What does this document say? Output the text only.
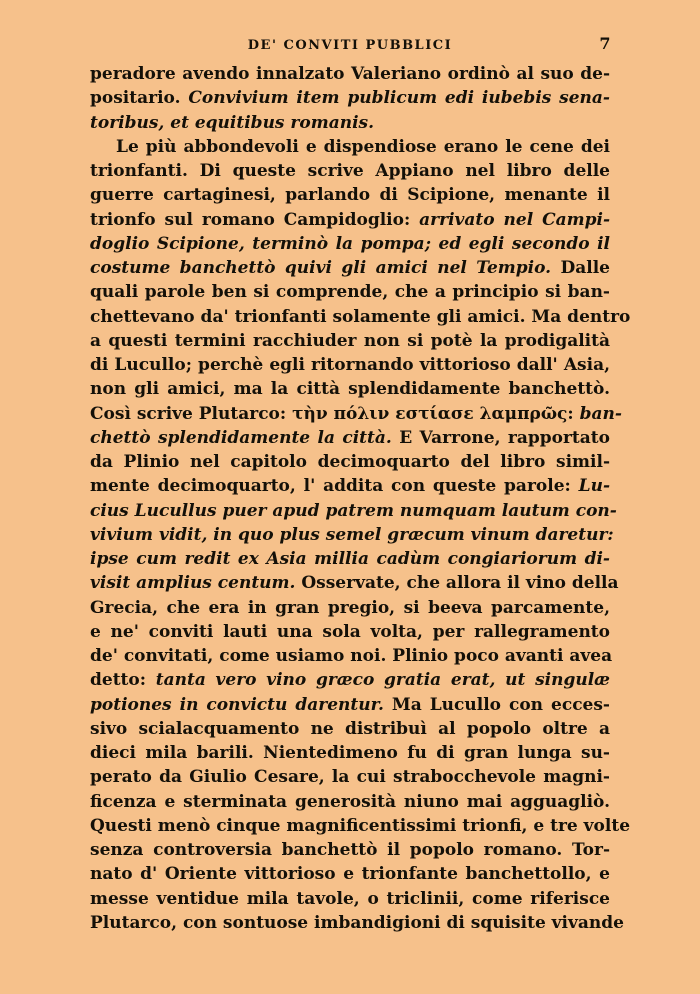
DE' CONVITI PUBBLICI	7
peradore avendo innalzato Valeriano ordinò al suo de-
positario. Convivium item publicum edi iubebis sena-
toribus, et equitibus romanis.
Le più abbondevoli e dispendiose erano le cene dei
trionfanti. Di queste scrive Appiano nel libro delle
guerre cartaginesi, parlando di Scipione, menante il
trionfo sul romano Campidoglio: arrivato nel Campi-
doglio Scipione, terminò la pompa; ed egli secondo il
costume banchettò quivi gli amici nel Tempio. Dalle
quali parole ben si comprende, che a principio si ban-
chettevano da' trionfanti solamente gli amici. Ma dentro
a questi termini racchiuder non si potè la prodigalità
di Lucullo; perchè egli ritornando vittorioso dall' Asia,
non gli amici, ma la città splendidamente banchettò.
Così scrive Plutarco: τὴν πόλιν εστίασε λαμπρῶς: ban-
chettò splendidamente la città. E Varrone, rapportato
da Plinio nel capitolo decimoquarto del libro simil-
mente decimoquarto, l' addita con queste parole: Lu-
cius Lucullus puer apud patrem numquam lautum con-
vivium vidit, in quo plus semel græcum vinum daretur:
ipse cum redit ex Asia millia cadùm congiariorum di-
visit amplius centum. Osservate, che allora il vino della
Grecia, che era in gran pregio, si beeva parcamente,
e ne' conviti lauti una sola volta, per rallegramento
de' convitati, come usiamo noi. Plinio poco avanti avea
detto: tanta vero vino græco gratia erat, ut singulæ
potiones in convictu darentur. Ma Lucullo con ecces-
sivo scialacquamento ne distribuì al popolo oltre a
dieci mila barili. Nientedimeno fu di gran lunga su-
perato da Giulio Cesare, la cui strabocchevole magni-
ficenza e sterminata generosità niuno mai agguagliò.
Questi menò cinque magnificentissimi trionfi, e tre volte
senza controversia banchettò il popolo romano. Tor-
nato d' Oriente vittorioso e trionfante banchettollo, e
messe ventidue mila tavole, o triclinii, come riferisce
Plutarco, con sontuose imbandigioni di squisite vivande
